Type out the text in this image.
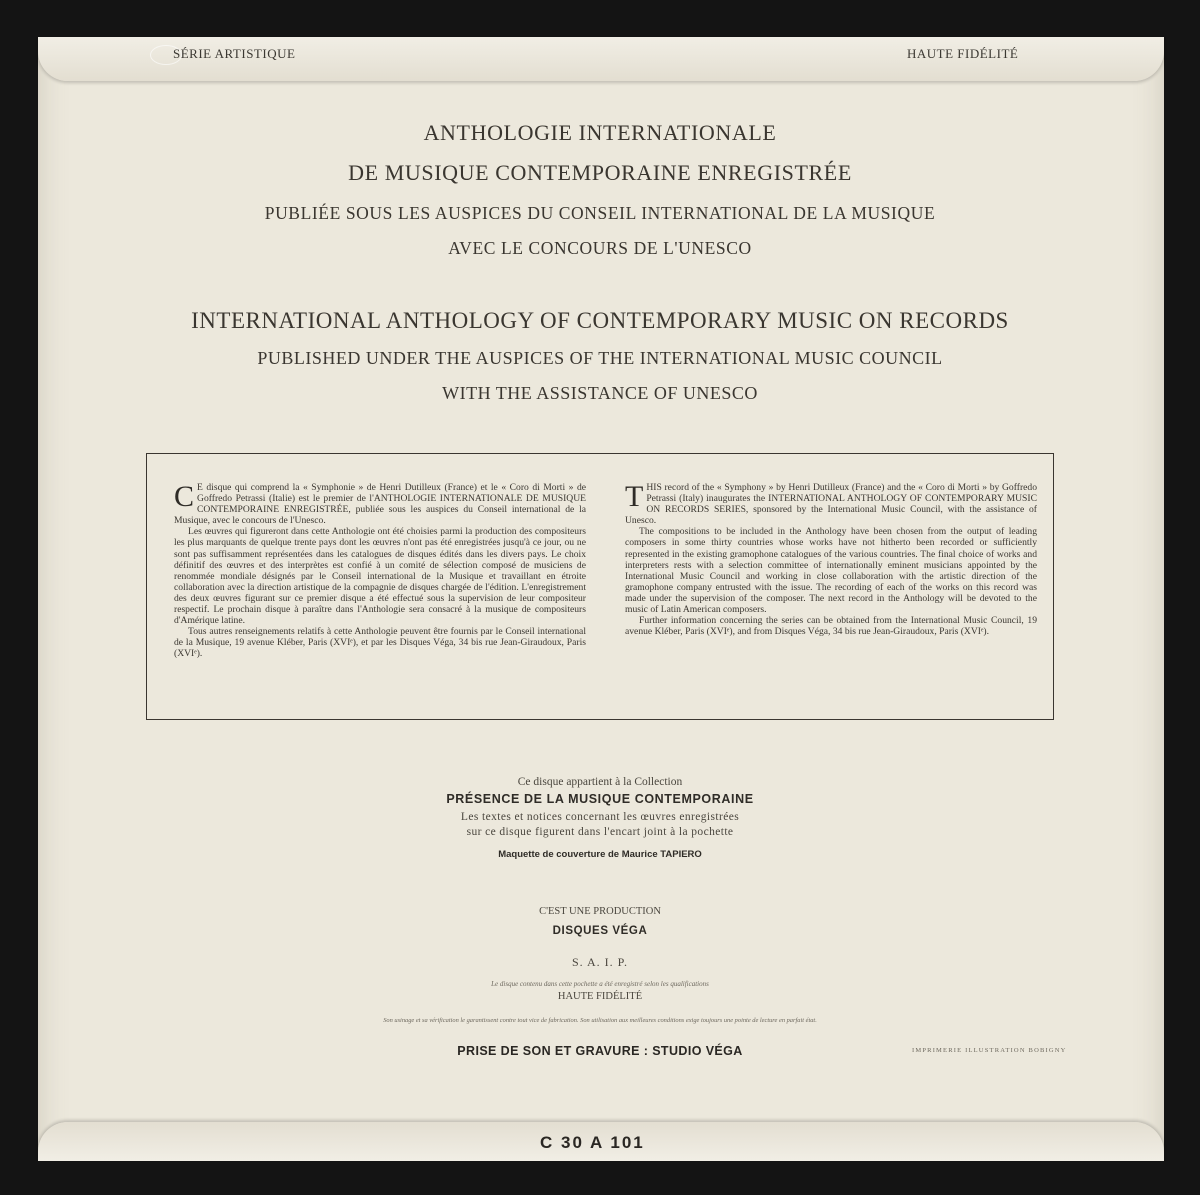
SÉRIE ARTISTIQUE	HAUTE FIDÉLITÉ
ANTHOLOGIE INTERNATIONALE
DE MUSIQUE CONTEMPORAINE ENREGISTRÉE
PUBLIÉE SOUS LES AUSPICES DU CONSEIL INTERNATIONAL DE LA MUSIQUE
AVEC LE CONCOURS DE L'UNESCO
INTERNATIONAL ANTHOLOGY OF CONTEMPORARY MUSIC ON RECORDS
PUBLISHED UNDER THE AUSPICES OF THE INTERNATIONAL MUSIC COUNCIL
WITH THE ASSISTANCE OF UNESCO

C E disque qui comprend la « Symphonie » de Henri Dutilleux (France) et le « Coro di Morti » de Goffredo Petrassi (Italie) est le premier de l'ANTHOLOGIE INTERNATIONALE DE MUSIQUE CONTEMPORAINE ENREGISTRÉE, publiée sous les auspices du Conseil international de la Musique, avec le concours de l'Unesco.

Les œuvres qui figureront dans cette Anthologie ont été choisies parmi la production des compositeurs les plus marquants de quelque trente pays dont les œuvres n'ont pas été enregistrées jusqu'à ce jour, ou ne sont pas suffisamment représentées dans les catalogues de disques édités dans les divers pays. Le choix définitif des œuvres et des interprètes est confié à un comité de sélection composé de musiciens de renommée mondiale désignés par le Conseil international de la Musique et travaillant en étroite collaboration avec la direction artistique de la compagnie de disques chargée de l'édition. L'enregistrement des deux œuvres figurant sur ce premier disque a été effectué sous la supervision de leur compositeur respectif. Le prochain disque à paraître dans l'Anthologie sera consacré à la musique de compositeurs d'Amérique latine.

Tous autres renseignements relatifs à cette Anthologie peuvent être fournis par le Conseil international de la Musique, 19 avenue Kléber, Paris (XVIᵉ), et par les Disques Véga, 34 bis rue Jean-Giraudoux, Paris (XVIᵉ).

THIS record of the « Symphony » by Henri Dutilleux (France) and the « Coro di Morti » by Goffredo Petrassi (Italy) inaugurates the INTERNATIONAL ANTHOLOGY OF CONTEMPORARY MUSIC ON RECORDS SERIES, sponsored by the International Music Council, with the assistance of Unesco.

The compositions to be included in the Anthology have been chosen from the output of leading composers in some thirty countries whose works have not hitherto been recorded or sufficiently represented in the existing gramophone catalogues of the various countries. The final choice of works and interpreters rests with a selection committee of internationally eminent musicians appointed by the International Music Council and working in close collaboration with the artistic direction of the gramophone company entrusted with the issue. The recording of each of the works on this record was made under the supervision of the composer. The next record in the Anthology will be devoted to the music of Latin American composers.

Further information concerning the series can be obtained from the International Music Council, 19 avenue Kléber, Paris (XVIᵉ), and from Disques Véga, 34 bis rue Jean-Giraudoux, Paris (XVIᵉ).

Ce disque appartient à la Collection
PRÉSENCE DE LA MUSIQUE CONTEMPORAINE
Les textes et notices concernant les œuvres enregistrées
sur ce disque figurent dans l'encart joint à la pochette
Maquette de couverture de Maurice TAPIERO
C'EST UNE PRODUCTION
DISQUES VÉGA
S. A. I. P.
Le disque contenu dans cette pochette a été enregistré selon les qualifications
HAUTE FIDÉLITÉ
Son usinage et sa vérification le garantissent contre tout vice de fabrication. Son utilisation aux meilleures conditions exige toujours une pointe de lecture en parfait état.
PRISE DE SON ET GRAVURE : STUDIO VÉGA	IMPRIMERIE ILLUSTRATION BOBIGNY
C 30 A 101
